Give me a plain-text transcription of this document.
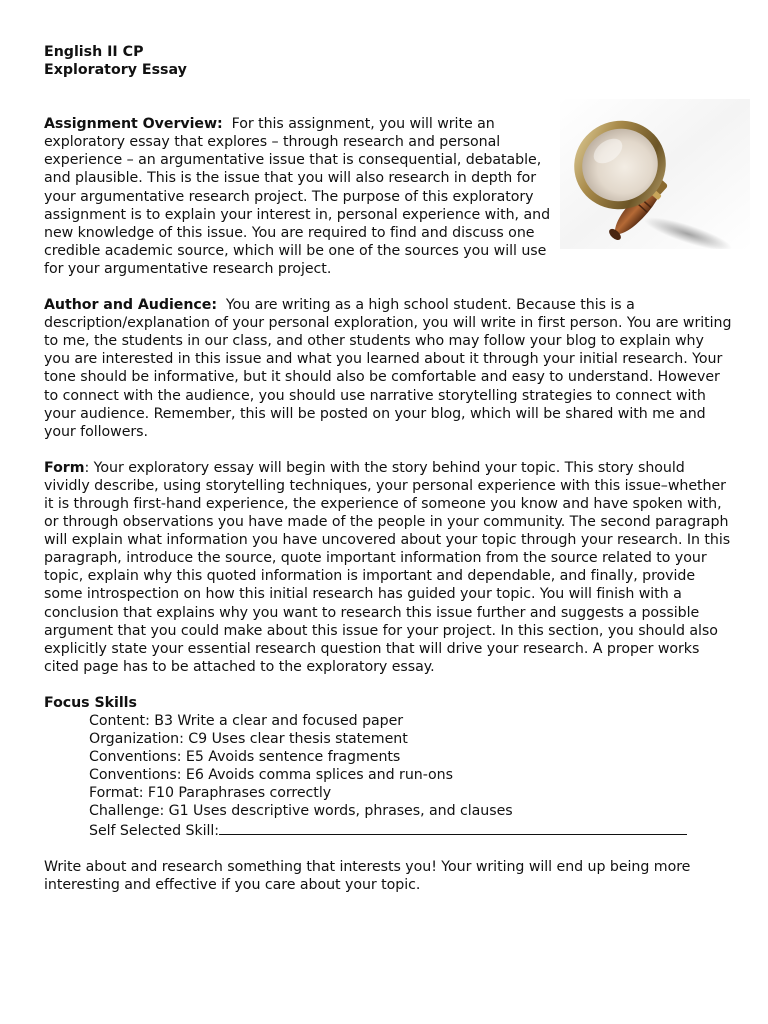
English II CP

Exploratory Essay

Assignment Overview: For this assignment, you will write an exploratory essay that explores – through research and personal experience – an argumentative issue that is consequential, debatable, and plausible. This is the issue that you will also research in depth for your argumentative research project. The purpose of this exploratory assignment is to explain your interest in, personal experience with, and new knowledge of this issue. You are required to find and discuss one credible academic source, which will be one of the sources you will use for your argumentative research project.

Author and Audience: You are writing as a high school student. Because this is a description/explanation of your personal exploration, you will write in first person. You are writing to me, the students in our class, and other students who may follow your blog to explain why you are interested in this issue and what you learned about it through your initial research. Your tone should be informative, but it should also be comfortable and easy to understand. However to connect with the audience, you should use narrative storytelling strategies to connect with your audience. Remember, this will be posted on your blog, which will be shared with me and your followers.

Form: Your exploratory essay will begin with the story behind your topic. This story should vividly describe, using storytelling techniques, your personal experience with this issue–whether it is through first-hand experience, the experience of someone you know and have spoken with, or through observations you have made of the people in your community. The second paragraph will explain what information you have uncovered about your topic through your research. In this paragraph, introduce the source, quote important information from the source related to your topic, explain why this quoted information is important and dependable, and finally, provide some introspection on how this initial research has guided your topic. You will finish with a conclusion that explains why you want to research this issue further and suggests a possible argument that you could make about this issue for your project. In this section, you should also explicitly state your essential research question that will drive your research. A proper works cited page has to be attached to the exploratory essay.

Focus Skills

Content: B3 Write a clear and focused paper
Organization: C9 Uses clear thesis statement
Conventions: E5 Avoids sentence fragments
Conventions: E6 Avoids comma splices and run-ons
Format: F10 Paraphrases correctly
Challenge: G1 Uses descriptive words, phrases, and clauses
Self Selected Skill:

Write about and research something that interests you! Your writing will end up being more interesting and effective if you care about your topic.
